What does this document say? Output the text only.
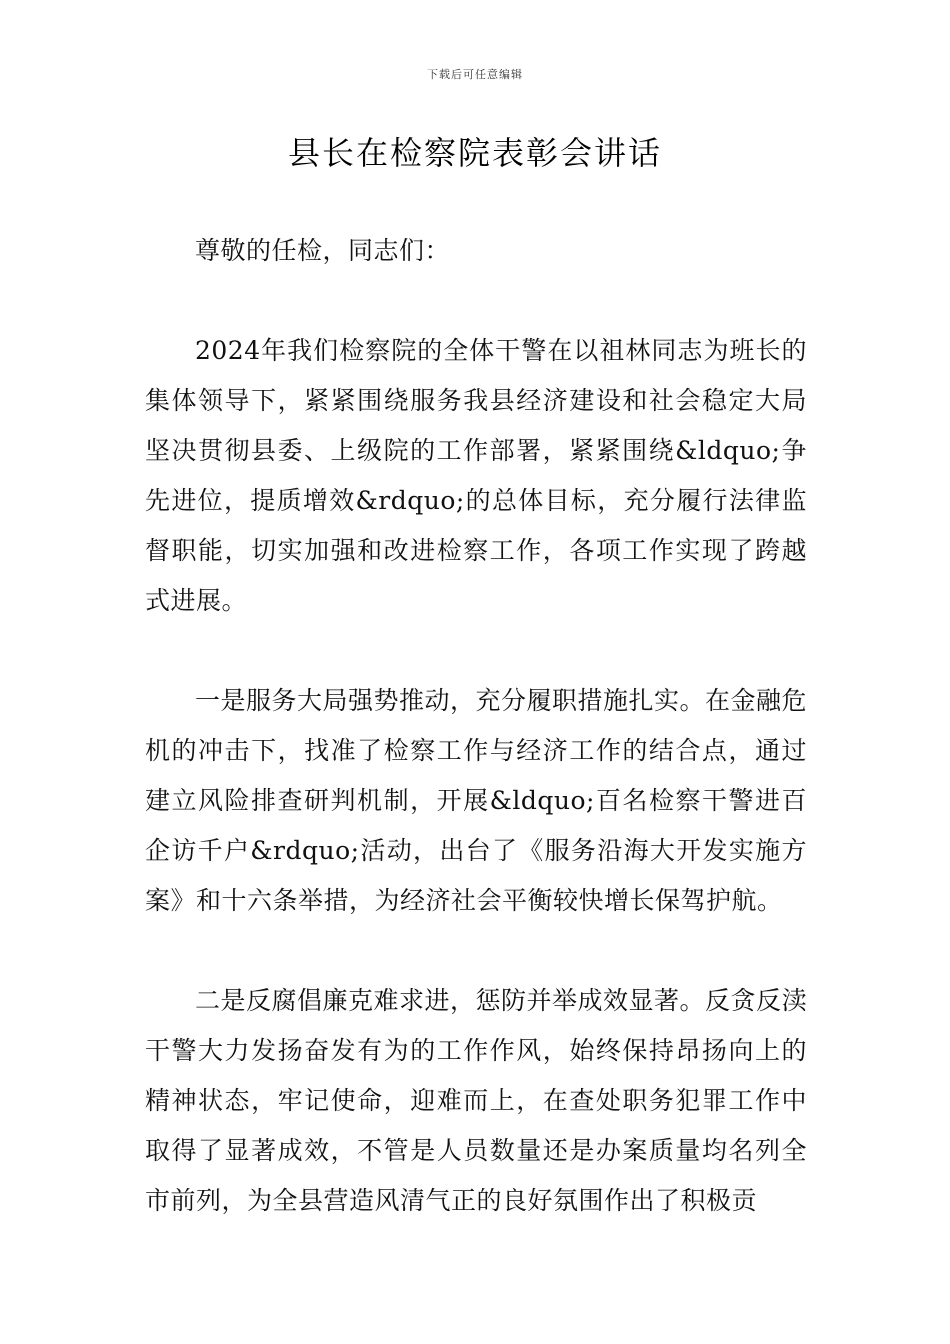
下载后可任意编辑
县长在检察院表彰会讲话

尊敬的任检，同志们：

2024年我们检察院的全体干警在以祖林同志为班长的集体领导下，紧紧围绕服务我县经济建设和社会稳定大局坚决贯彻县委、上级院的工作部署，紧紧围绕&ldquo;争先进位，提质增效&rdquo;的总体目标，充分履行法律监督职能，切实加强和改进检察工作，各项工作实现了跨越式进展。

一是服务大局强势推动，充分履职措施扎实。在金融危机的冲击下，找准了检察工作与经济工作的结合点，通过建立风险排查研判机制，开展&ldquo;百名检察干警进百企访千户&rdquo;活动，出台了《服务沿海大开发实施方案》和十六条举措，为经济社会平衡较快增长保驾护航。

二是反腐倡廉克难求进，惩防并举成效显著。反贪反渎干警大力发扬奋发有为的工作作风，始终保持昂扬向上的精神状态，牢记使命，迎难而上，在查处职务犯罪工作中取得了显著成效，不管是人员数量还是办案质量均名列全市前列，为全县营造风清气正的良好氛围作出了积极贡
